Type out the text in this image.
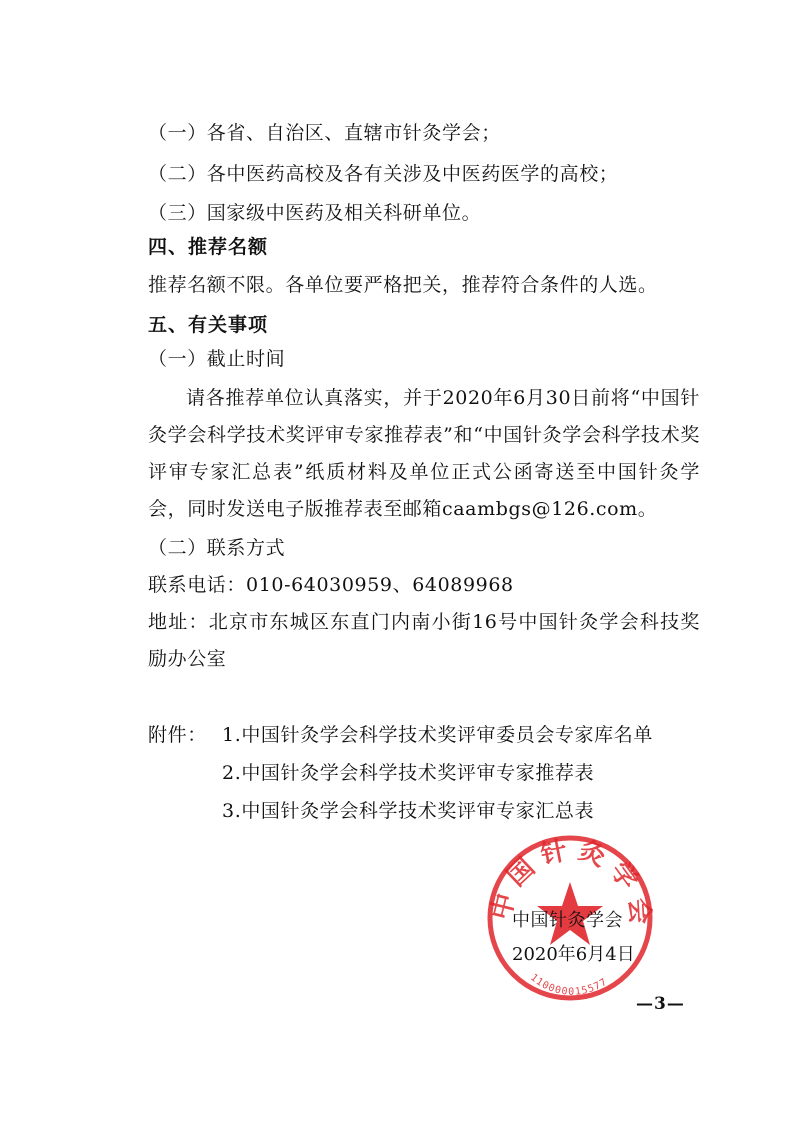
（一）各省、自治区、直辖市针灸学会；
（二）各中医药高校及各有关涉及中医药医学的高校；
（三）国家级中医药及相关科研单位。
四、推荐名额
推荐名额不限。各单位要严格把关，推荐符合条件的人选。
五、有关事项
（一）截止时间
请各推荐单位认真落实，并于2020年6月30日前将“中国针灸学会科学技术奖评审专家推荐表”和“中国针灸学会科学技术奖评审专家汇总表”纸质材料及单位正式公函寄送至中国针灸学会，同时发送电子版推荐表至邮箱caambgs@126.com。
（二）联系方式
联系电话：010-64030959、64089968
地址：北京市东城区东直门内南小街16号中国针灸学会科技奖励办公室
附件： 1.中国针灸学会科学技术奖评审委员会专家库名单
2.中国针灸学会科学技术奖评审专家推荐表
3.中国针灸学会科学技术奖评审专家汇总表
中国针灸学会
110000015577
中国针灸学会
2020年6月4日
—3—
